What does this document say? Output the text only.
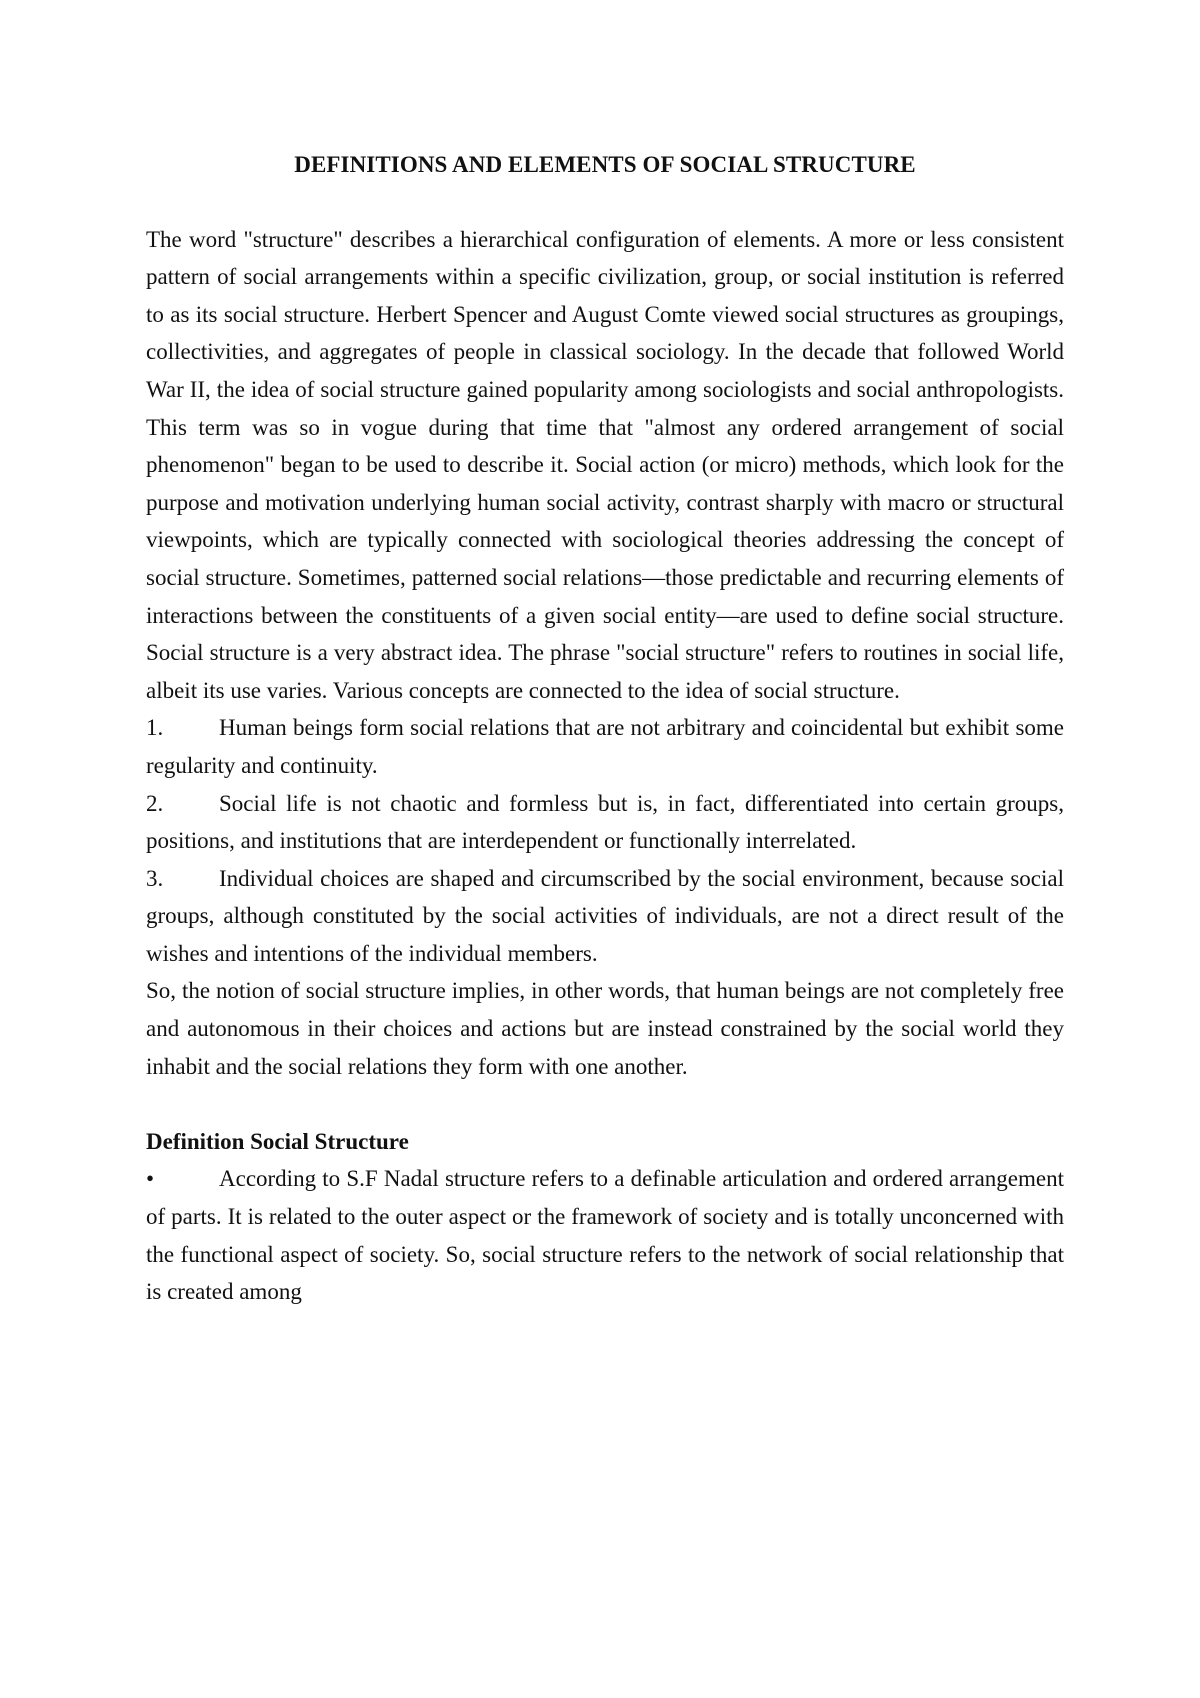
DEFINITIONS AND ELEMENTS OF SOCIAL STRUCTURE

The word "structure" describes a hierarchical configuration of elements. A more or less consistent pattern of social arrangements within a specific civilization, group, or social institution is referred to as its social structure. Herbert Spencer and August Comte viewed social structures as groupings, collectivities, and aggregates of people in classical sociology. In the decade that followed World War II, the idea of social structure gained popularity among sociologists and social anthropologists. This term was so in vogue during that time that "almost any ordered arrangement of social phenomenon" began to be used to describe it. Social action (or micro) methods, which look for the purpose and motivation underlying human social activity, contrast sharply with macro or structural viewpoints, which are typically connected with sociological theories addressing the concept of social structure. Sometimes, patterned social relations—those predictable and recurring elements of interactions between the constituents of a given social entity—are used to define social structure. Social structure is a very abstract idea. The phrase "social structure" refers to routines in social life, albeit its use varies. Various concepts are connected to the idea of social structure.

1. Human beings form social relations that are not arbitrary and coincidental but exhibit some regularity and continuity.
2. Social life is not chaotic and formless but is, in fact, differentiated into certain groups, positions, and institutions that are interdependent or functionally interrelated.
3. Individual choices are shaped and circumscribed by the social environment, because social groups, although constituted by the social activities of individuals, are not a direct result of the wishes and intentions of the individual members.

So, the notion of social structure implies, in other words, that human beings are not completely free and autonomous in their choices and actions but are instead constrained by the social world they inhabit and the social relations they form with one another.

Definition Social Structure

•	According to S.F Nadal structure refers to a definable articulation and ordered arrangement of parts. It is related to the outer aspect or the framework of society and is totally unconcerned with the functional aspect of society. So, social structure refers to the network of social relationship that is created among
